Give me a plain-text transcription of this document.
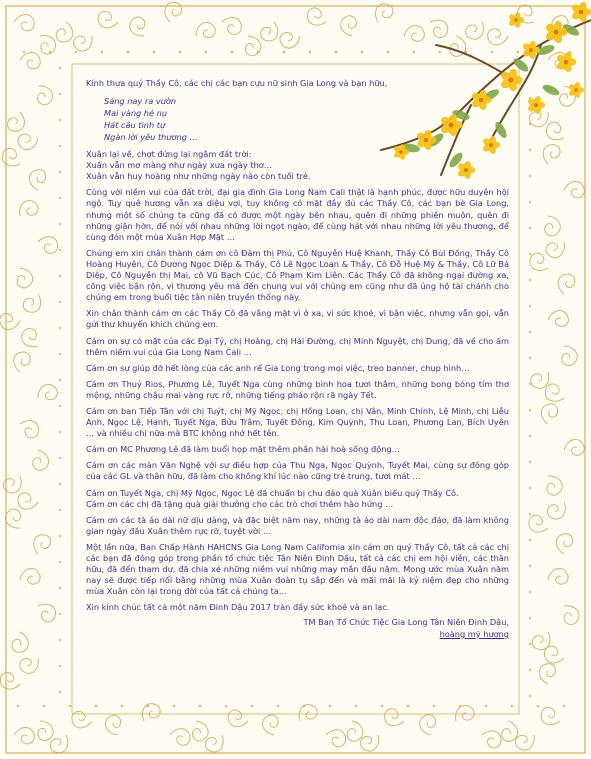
Kính thưa quý Thầy Cô, các chị các bạn cựu nữ sinh Gia Long và bạn hữu,

Sáng nay ra vườn
Mai vàng hé nụ
Hát câu tình tự
Ngàn lời yêu thương …
Xuân lại về, chợt đứng lại ngắm đất trời:
Xuân vẫn mơ màng như ngày xưa ngày thơ…
Xuân vẫn huy hoàng như những ngày nào còn tuổi trẻ.

Cùng với niềm vui của đất trời, đại gia đình Gia Long Nam Cali thật là hạnh phúc, được hữu duyên hội ngộ. Tuy quê hương vẫn xa diệu vợi, tuy không có mặt đầy đủ các Thầy Cô, các bạn bè Gia Long, nhưng một số chúng ta cũng đã có được một ngày bên nhau, quên đi những phiền muộn, quên đi những giận hờn, để nói với nhau những lời ngọt ngào, để cùng hát với nhau những lời yêu thương, để cùng đón một mùa Xuân Hợp Mặt …

Chúng em xin chân thành cám ơn cô Đàm thị Phú, Cô Nguyễn Huệ Khanh, Thầy Cô Bùi Đồng, Thầy Cô Hoàng Huyên, Cô Dương Ngọc Diệp & Thầy, Cô Lê Ngọc Loan & Thầy, Cô Đỗ Huệ Mỹ & Thầy, Cô Lữ Bá Diệp, Cô Nguyễn thị Mai, cô Vũ Bạch Cúc, Cô Phạm Kim Liên. Các Thầy Cô đã không ngại đường xa, công việc bận rộn, vì thương yêu mà đến chung vui với chúng em cũng như đã ủng hộ tài chánh cho chúng em trong buổi tiệc tân niên truyền thống này.

Xin chân thành cám ơn các Thầy Cô đã vắng mặt vì ở xa, vì sức khoẻ, vì bận việc, nhưng vẫn gọi, vẫn gửi thư khuyến khích chúng em.

Cám ơn sự có mặt của các Đại Tỷ, chị Hoàng, chị Hải Đường, chị Minh Nguyệt, chị Dung, đã về cho ấm thêm niềm vui của Gia Long Nam Cali …

Cám ơn sự giúp đỡ hết lòng của các anh rể Gia Long trong mọi việc, treo banner, chụp hình…

Cám ơn Thuỷ Rios, Phương Lê, Tuyết Nga cùng những bình hoa tươi thắm, những bong bóng tím thơ mộng, những chậu mai vàng rực rỡ, những tiếng pháo rộn rã ngày Tết.

Cám ơn ban Tiếp Tân với chị Tuýt, chị Mỹ Ngọc, chị Hồng Loan, chị Vân, Minh Chính, Lệ Minh, chị Liễu Anh, Ngọc Lệ, Hạnh, Tuyết Nga, Bửu Trâm, Tuyết Đông, Kim Quỳnh, Thu Loan, Phương Lan, Bích Uyên … và nhiều chị nữa mà BTC không nhớ hết tên.

Cám ơn MC Phương Lê đã làm buổi họp mặt thêm phần hài hoà sống động…

Cám ơn các màn Văn Nghệ với sự điều hợp của Thu Nga, Ngọc Quỳnh, Tuyết Mai, cùng sự đóng góp của các GL và thân hữu, đã làm cho không khí lúc nào cũng trẻ trung, tươi mát …

Cám ơn Tuyết Nga, chị Mỹ Ngọc, Ngọc Lệ đã chuẩn bị chu đáo quà Xuân biếu quý Thầy Cô.

Cám ơn các chị đã tặng quà giải thưởng cho các trò chơi thêm hào hứng …

Cám ơn các tà áo dài nữ dịu dàng, và đặc biệt năm nay, những tà áo dài nam độc đáo, đã làm không gian ngày đầu Xuân thêm rực rỡ, tuyệt vời …

Một lần nữa, Ban Chấp Hành HAHCNS Gia Long Nam California xin cám ơn quý Thầy Cô, tất cả các chị các bạn đã đóng góp trong phần tổ chức tiệc Tân Niên Đinh Dậu, tất cả các chị em hội viên, các thân hữu, đã đến tham dự, đã chia xẻ những niềm vui những may mắn đầu năm. Mong ước mùa Xuân năm nay sẽ được tiếp nối bằng những mùa Xuân đoàn tụ sắp đến và mãi mãi là kỷ niệm đẹp cho những mùa Xuân còn lại trong đời của tất cả chúng ta…

Xin kính chúc tất cả một năm Đinh Dậu 2017 tràn đầy sức khoẻ và an lạc.

TM Ban Tổ Chức Tiệc Gia Long Tân Niên Đinh Dậu,
hoàng mỹ hương
